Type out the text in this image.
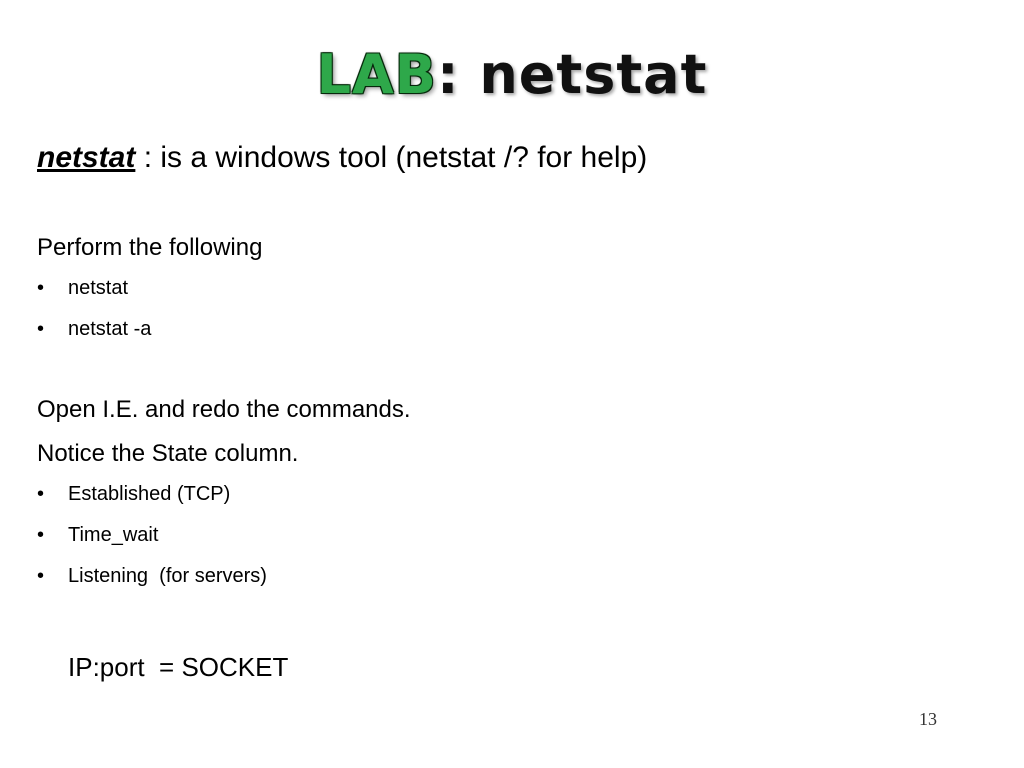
LAB: netstat

netstat : is a windows tool (netstat /? for help)

Perform the following

• netstat
• netstat -a

Open I.E. and redo the commands.

Notice the State column.

• Established (TCP)
• Time_wait
• Listening  (for servers)

IP:port  = SOCKET

13
